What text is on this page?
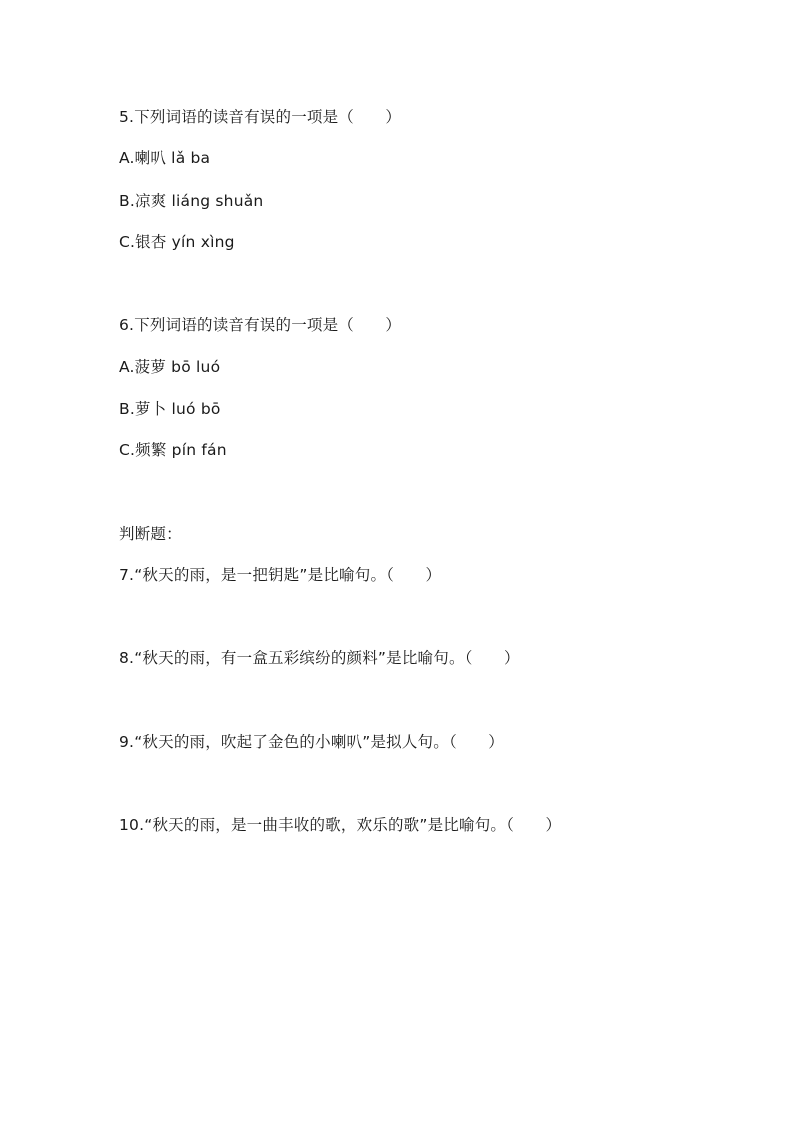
5.下列词语的读音有误的一项是（　　）
A.喇叭 lǎ ba
B.凉爽 liáng shuǎn
C.银杏 yín xìng
6.下列词语的读音有误的一项是（　　）
A.菠萝 bō luó
B.萝卜 luó bō
C.频繁 pín fán
判断题：
7.“秋天的雨，是一把钥匙”是比喻句。（　　）
8.“秋天的雨，有一盒五彩缤纷的颜料”是比喻句。（　　）
9.“秋天的雨，吹起了金色的小喇叭”是拟人句。（　　）
10.“秋天的雨，是一曲丰收的歌，欢乐的歌”是比喻句。（　　）
